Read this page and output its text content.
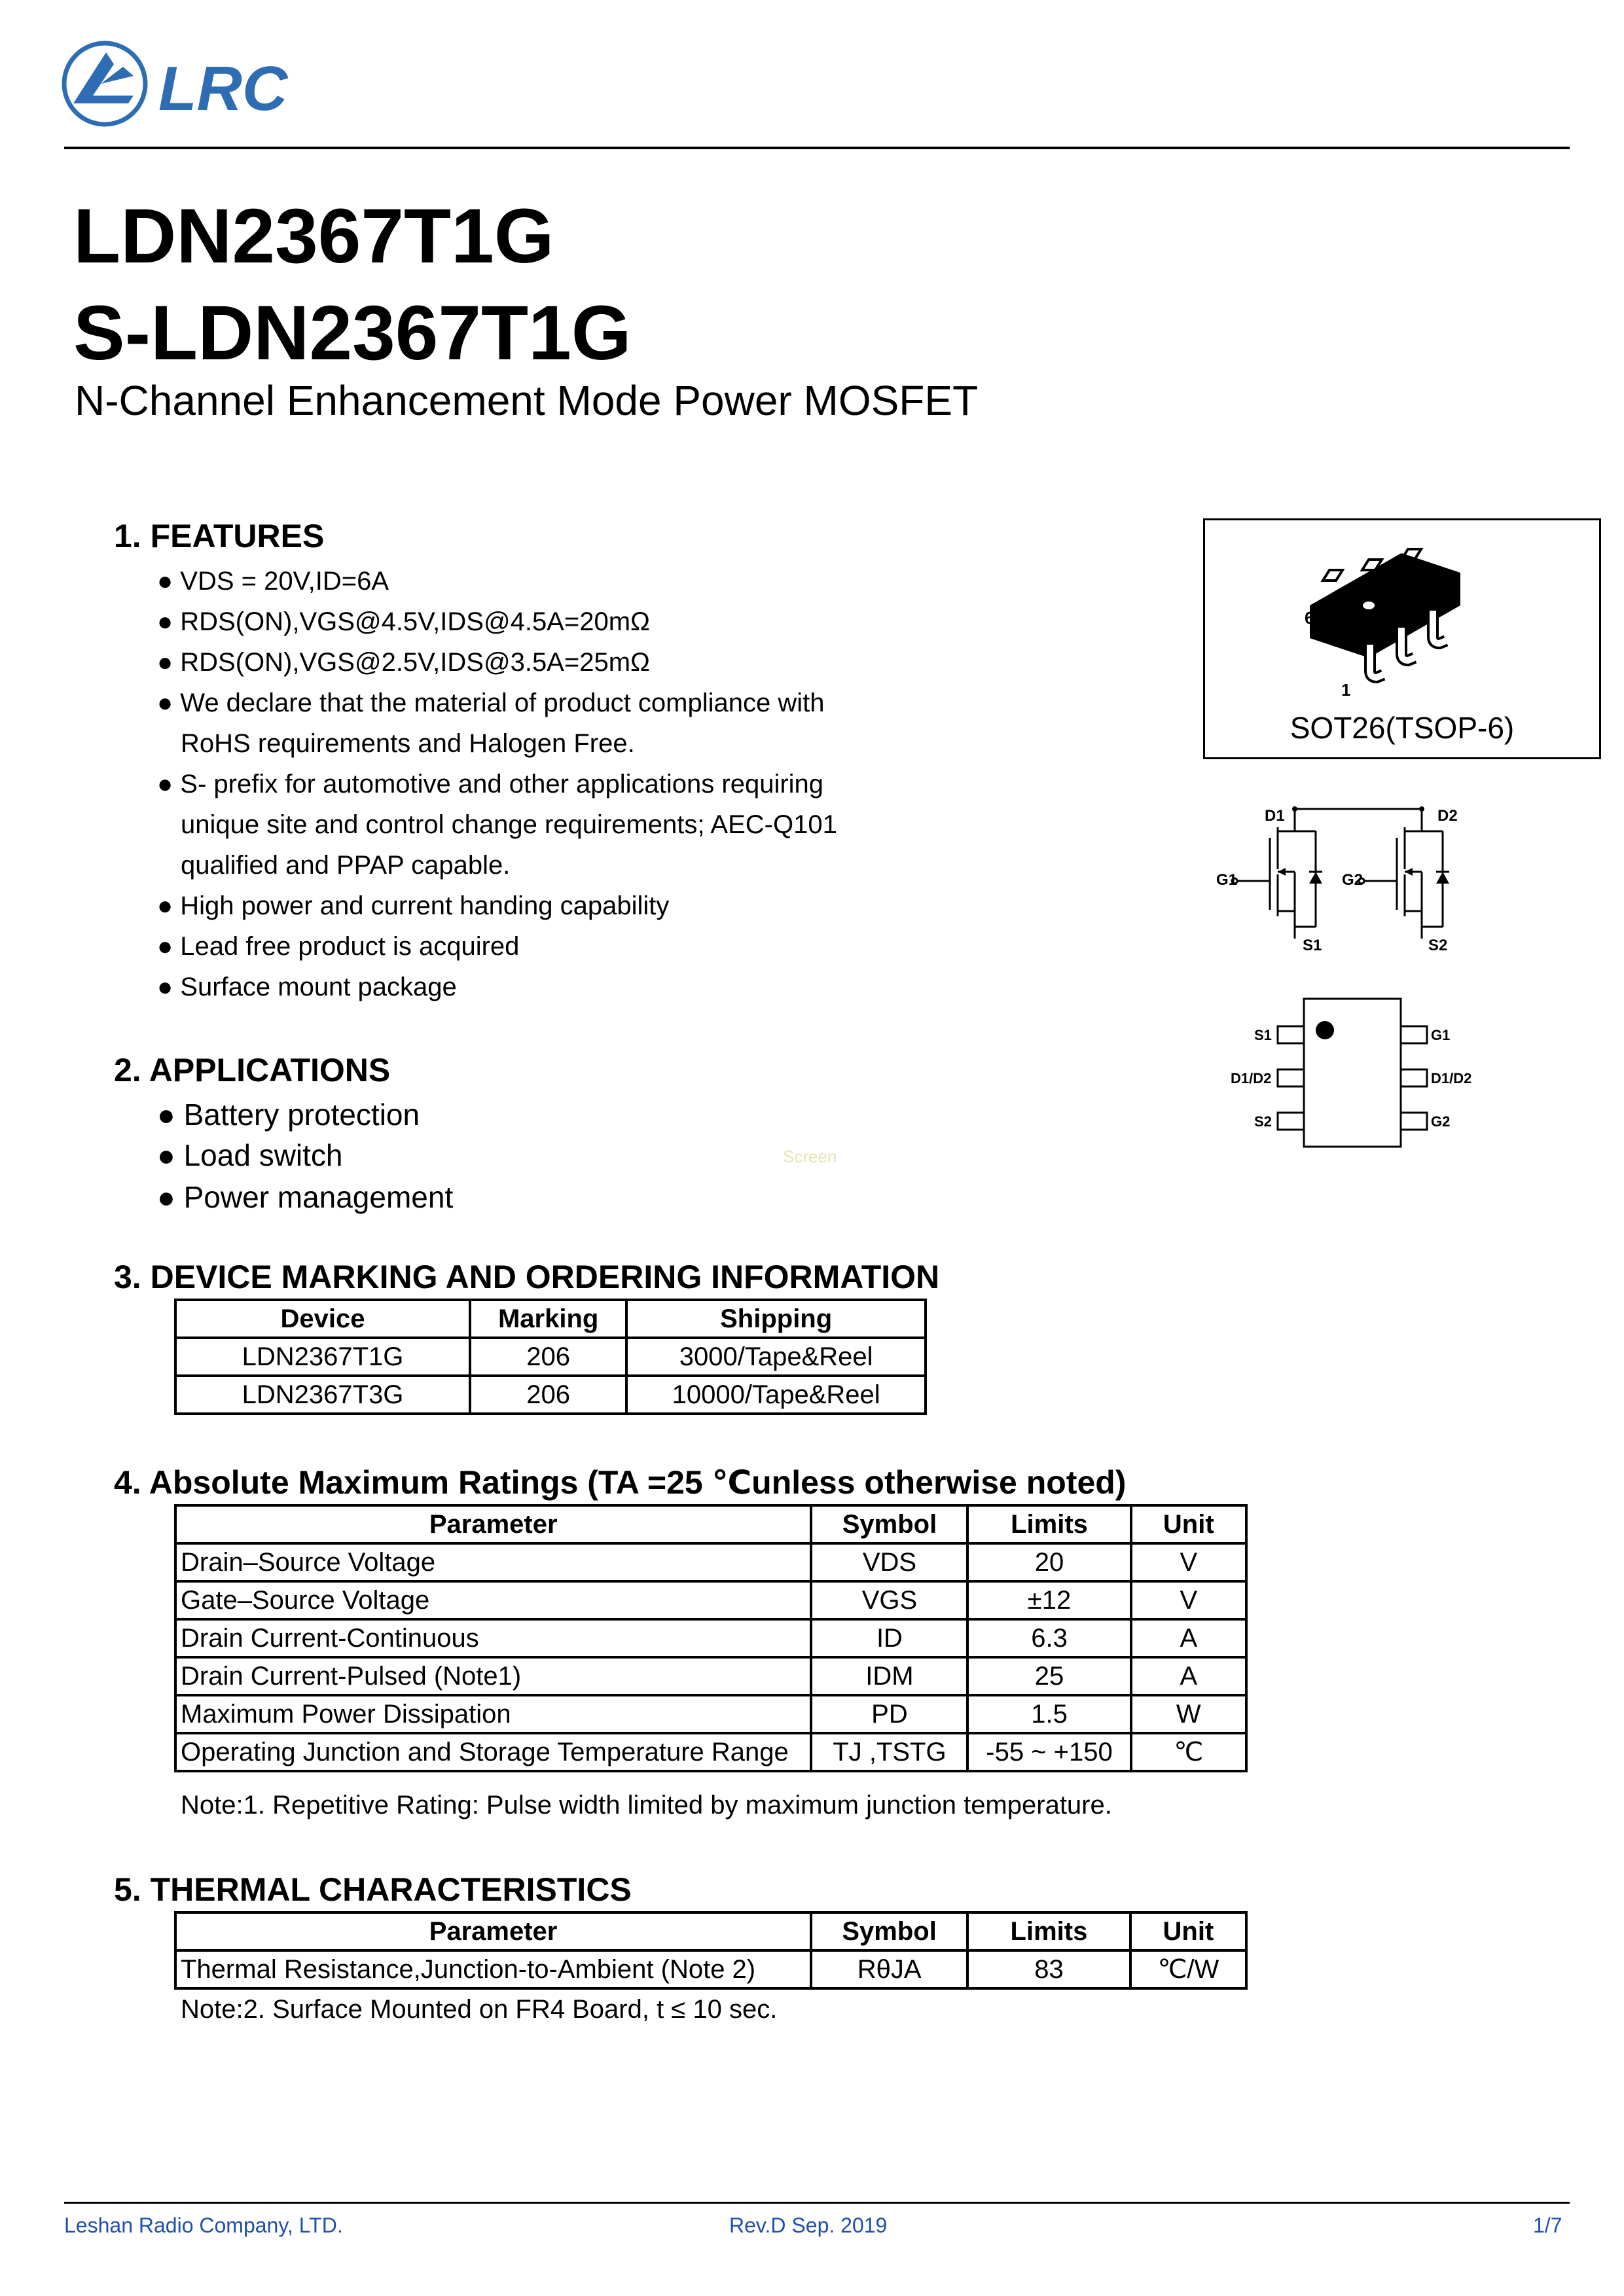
LRC
LDN2367T1G
S-LDN2367T1G
N-Channel Enhancement Mode Power MOSFET
1. FEATURES
● VDS = 20V,ID=6A
● RDS(ON),VGS@4.5V,IDS@4.5A=20mΩ
● RDS(ON),VGS@2.5V,IDS@3.5A=25mΩ
● We declare that the material of product compliance with
RoHS requirements and Halogen Free.
● S- prefix for automotive and other applications requiring
unique site and control change requirements; AEC-Q101
qualified and PPAP capable.
● High power and current handing capability
● Lead free product is acquired
● Surface mount package
6
1
SOT26(TSOP-6)
D1	D2
G1	G2
S1	S2
S1
D1/D2
S2
G1
D1/D2
G2
2. APPLICATIONS
● Battery protection
● Load switch
● Power management
Screen
3. DEVICE MARKING AND ORDERING INFORMATION
Device	Marking	Shipping
LDN2367T1G	206	3000/Tape&Reel
LDN2367T3G	206	10000/Tape&Reel
4. Absolute Maximum Ratings (TA =25 ℃unless otherwise noted)
Parameter	Symbol	Limits	Unit
Drain–Source Voltage	VDS	20	V
Gate–Source Voltage	VGS	±12	V
Drain Current-Continuous	ID	6.3	A
Drain Current-Pulsed (Note1)	IDM	25	A
Maximum Power Dissipation	PD	1.5	W
Operating Junction and Storage Temperature Range	TJ ,TSTG	-55 ~ +150	℃
Note:1. Repetitive Rating: Pulse width limited by maximum junction temperature.
5. THERMAL CHARACTERISTICS
Parameter	Symbol	Limits	Unit
Thermal Resistance,Junction-to-Ambient (Note 2)	RθJA	83	℃/W
Note:2. Surface Mounted on FR4 Board, t ≤ 10 sec.
Leshan Radio Company, LTD.	Rev.D Sep. 2019	1/7
